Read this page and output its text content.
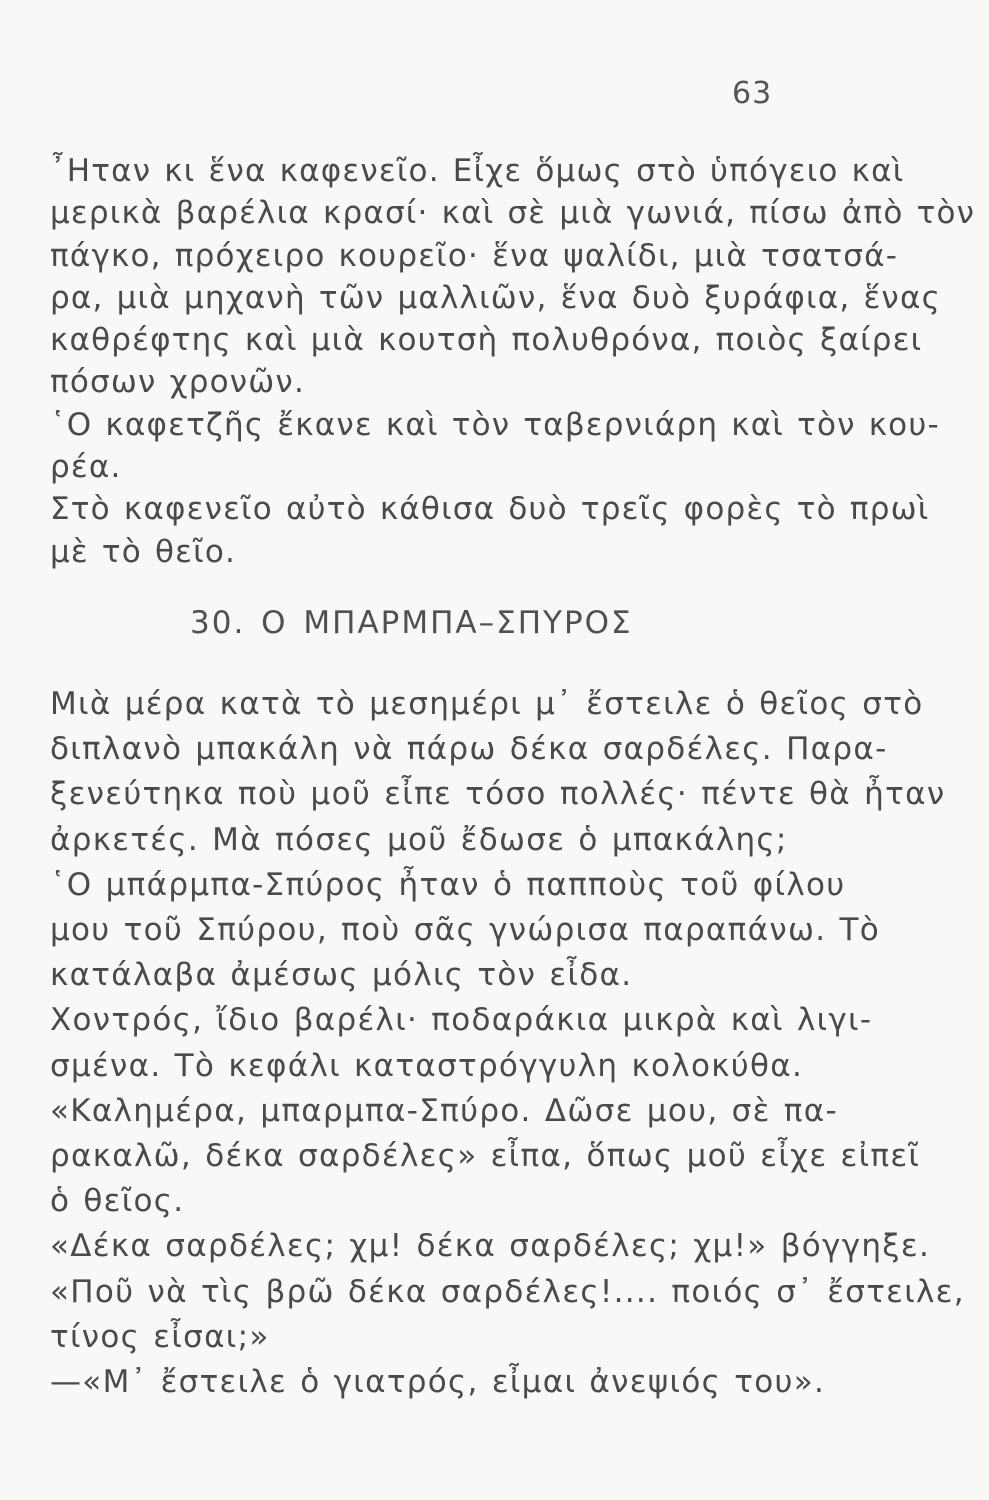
63
῏Ηταν κι ἕνα καφενεῖο. Εἶχε ὅμως στὸ ὑπόγειο καὶ
μερικὰ βαρέλια κρασί· καὶ σὲ μιὰ γωνιά, πίσω ἀπὸ τὸν
πάγκο, πρόχειρο κουρεῖο· ἕνα ψαλίδι, μιὰ τσατσά-
ρα, μιὰ μηχανὴ τῶν μαλλιῶν, ἕνα δυὸ ξυράφια, ἕνας
καθρέφτης καὶ μιὰ κουτσὴ πολυθρόνα, ποιὸς ξαίρει
πόσων χρονῶν.
῾Ο καφετζῆς ἔκανε καὶ τὸν ταβερνιάρη καὶ τὸν κου-
ρέα.
Στὸ καφενεῖο αὐτὸ κάθισα δυὸ τρεῖς φορὲς τὸ πρωὶ
μὲ τὸ θεῖο.
30. Ο ΜΠΑΡΜΠΑ–ΣΠΥΡΟΣ
Μιὰ μέρα κατὰ τὸ μεσημέρι μ᾽ ἔστειλε ὁ θεῖος στὸ
διπλανὸ μπακάλη νὰ πάρω δέκα σαρδέλες. Παρα-
ξενεύτηκα ποὺ μοῦ εἶπε τόσο πολλές· πέντε θὰ ἦταν
ἀρκετές. Μὰ πόσες μοῦ ἔδωσε ὁ μπακάλης;
῾Ο μπάρμπα-Σπύρος ἦταν ὁ παπποὺς τοῦ φίλου
μου τοῦ Σπύρου, ποὺ σᾶς γνώρισα παραπάνω. Τὸ
κατάλαβα ἀμέσως μόλις τὸν εἶδα.
Χοντρός, ἴδιο βαρέλι· ποδαράκια μικρὰ καὶ λιγι-
σμένα. Τὸ κεφάλι καταστρόγγυλη κολοκύθα.
«Καλημέρα, μπαρμπα-Σπύρο. Δῶσε μου, σὲ πα-
ρακαλῶ, δέκα σαρδέλες» εἶπα, ὅπως μοῦ εἶχε εἰπεῖ
ὁ θεῖος.
«Δέκα σαρδέλες; χμ! δέκα σαρδέλες; χμ!» βόγγηξε.
«Ποῦ νὰ τὶς βρῶ δέκα σαρδέλες!.... ποιός σ᾽ ἔστειλε,
τίνος εἶσαι;»
—«Μ᾽ ἔστειλε ὁ γιατρός, εἶμαι ἀνεψιός του».
